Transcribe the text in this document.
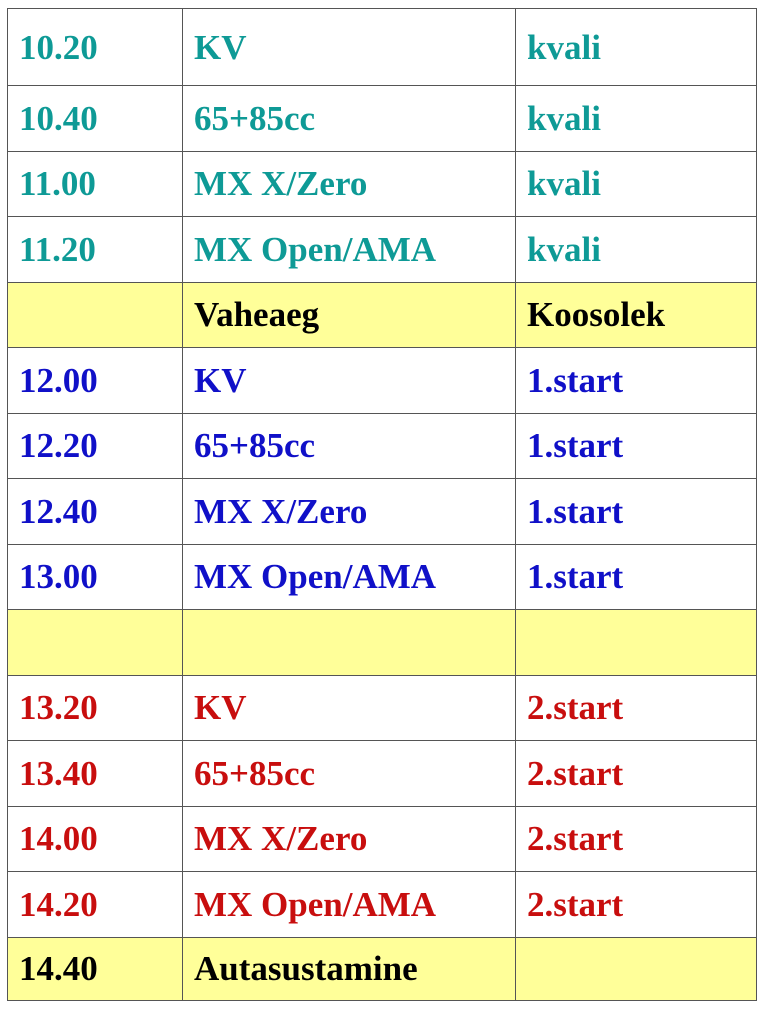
10.20	KV	kvali
10.40	65+85cc	kvali
11.00	MX X/Zero	kvali
11.20	MX Open/AMA	kvali
	Vaheaeg	Koosolek
12.00	KV	1.start
12.20	65+85cc	1.start
12.40	MX X/Zero	1.start
13.00	MX Open/AMA	1.start

13.20	KV	2.start
13.40	65+85cc	2.start
14.00	MX X/Zero	2.start
14.20	MX Open/AMA	2.start
14.40	Autasustamine	
